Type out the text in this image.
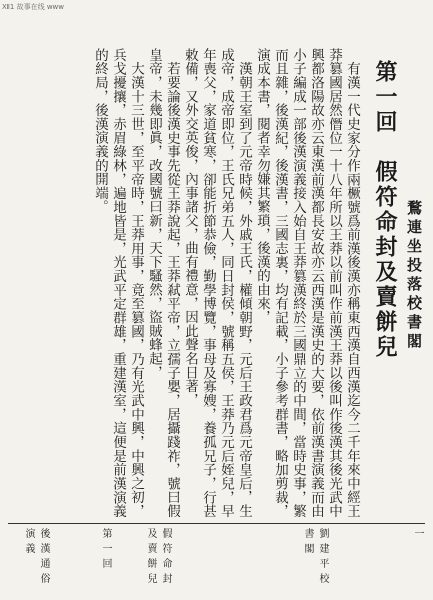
Ⅻ1 故事在线 www
第一回　假符命封及賣餅兒 鶩連坐投落校書閣

有漢一代史家分作兩橛號爲前漢後漢亦稱東西漢自西漢迄今二千年來中經王莽篡國居然僭位一十八年所以王莽以前叫作前漢王莽以後叫作後漢其後光武中興都洛陽故亦云東漢前漢都長安故亦云西漢是漢史的大要，依前漢書演義而由小子編成一部後漢演義接入始自王莽篡漢終於三國鼎立的中間，當時史事，繁而且雜，後漢紀，後漢書，三國志裏，均有記載，小子參考群書，略加剪裁，演成本書，閱者幸勿嫌其繁瑣，後漢的由來，

漢朝王室到了元帝時候，外戚王氏，權傾朝野，元后王政君爲元帝皇后，生成帝，成帝即位，王氏兄弟五人，同日封侯，號稱五侯，王莽乃元后姪兒，早年喪父，家道貧寒，卻能折節恭儉，勤學博覽，事母及寡嫂，養孤兄子，行甚敕備，又外交英俊，內事諸父，曲有禮意，因此聲名日著，

若要論後漢史事先從王莽說起，王莽弒平帝，立孺子嬰，居攝踐祚，號曰假皇帝，未幾即眞，改國號曰新，天下騷然，盜賊蜂起，

大漢十三世，至平帝時，王莽用事，竟至篡國，乃有光武中興，中興之初，兵戈擾攘，赤眉綠林，遍地皆是，光武平定群雄，重建漢室，這便是前漢演義的終局，後漢演義的開端。

後漢通俗演義	第一回	假符命封及賣餅兒	劉建平校書閣	一
